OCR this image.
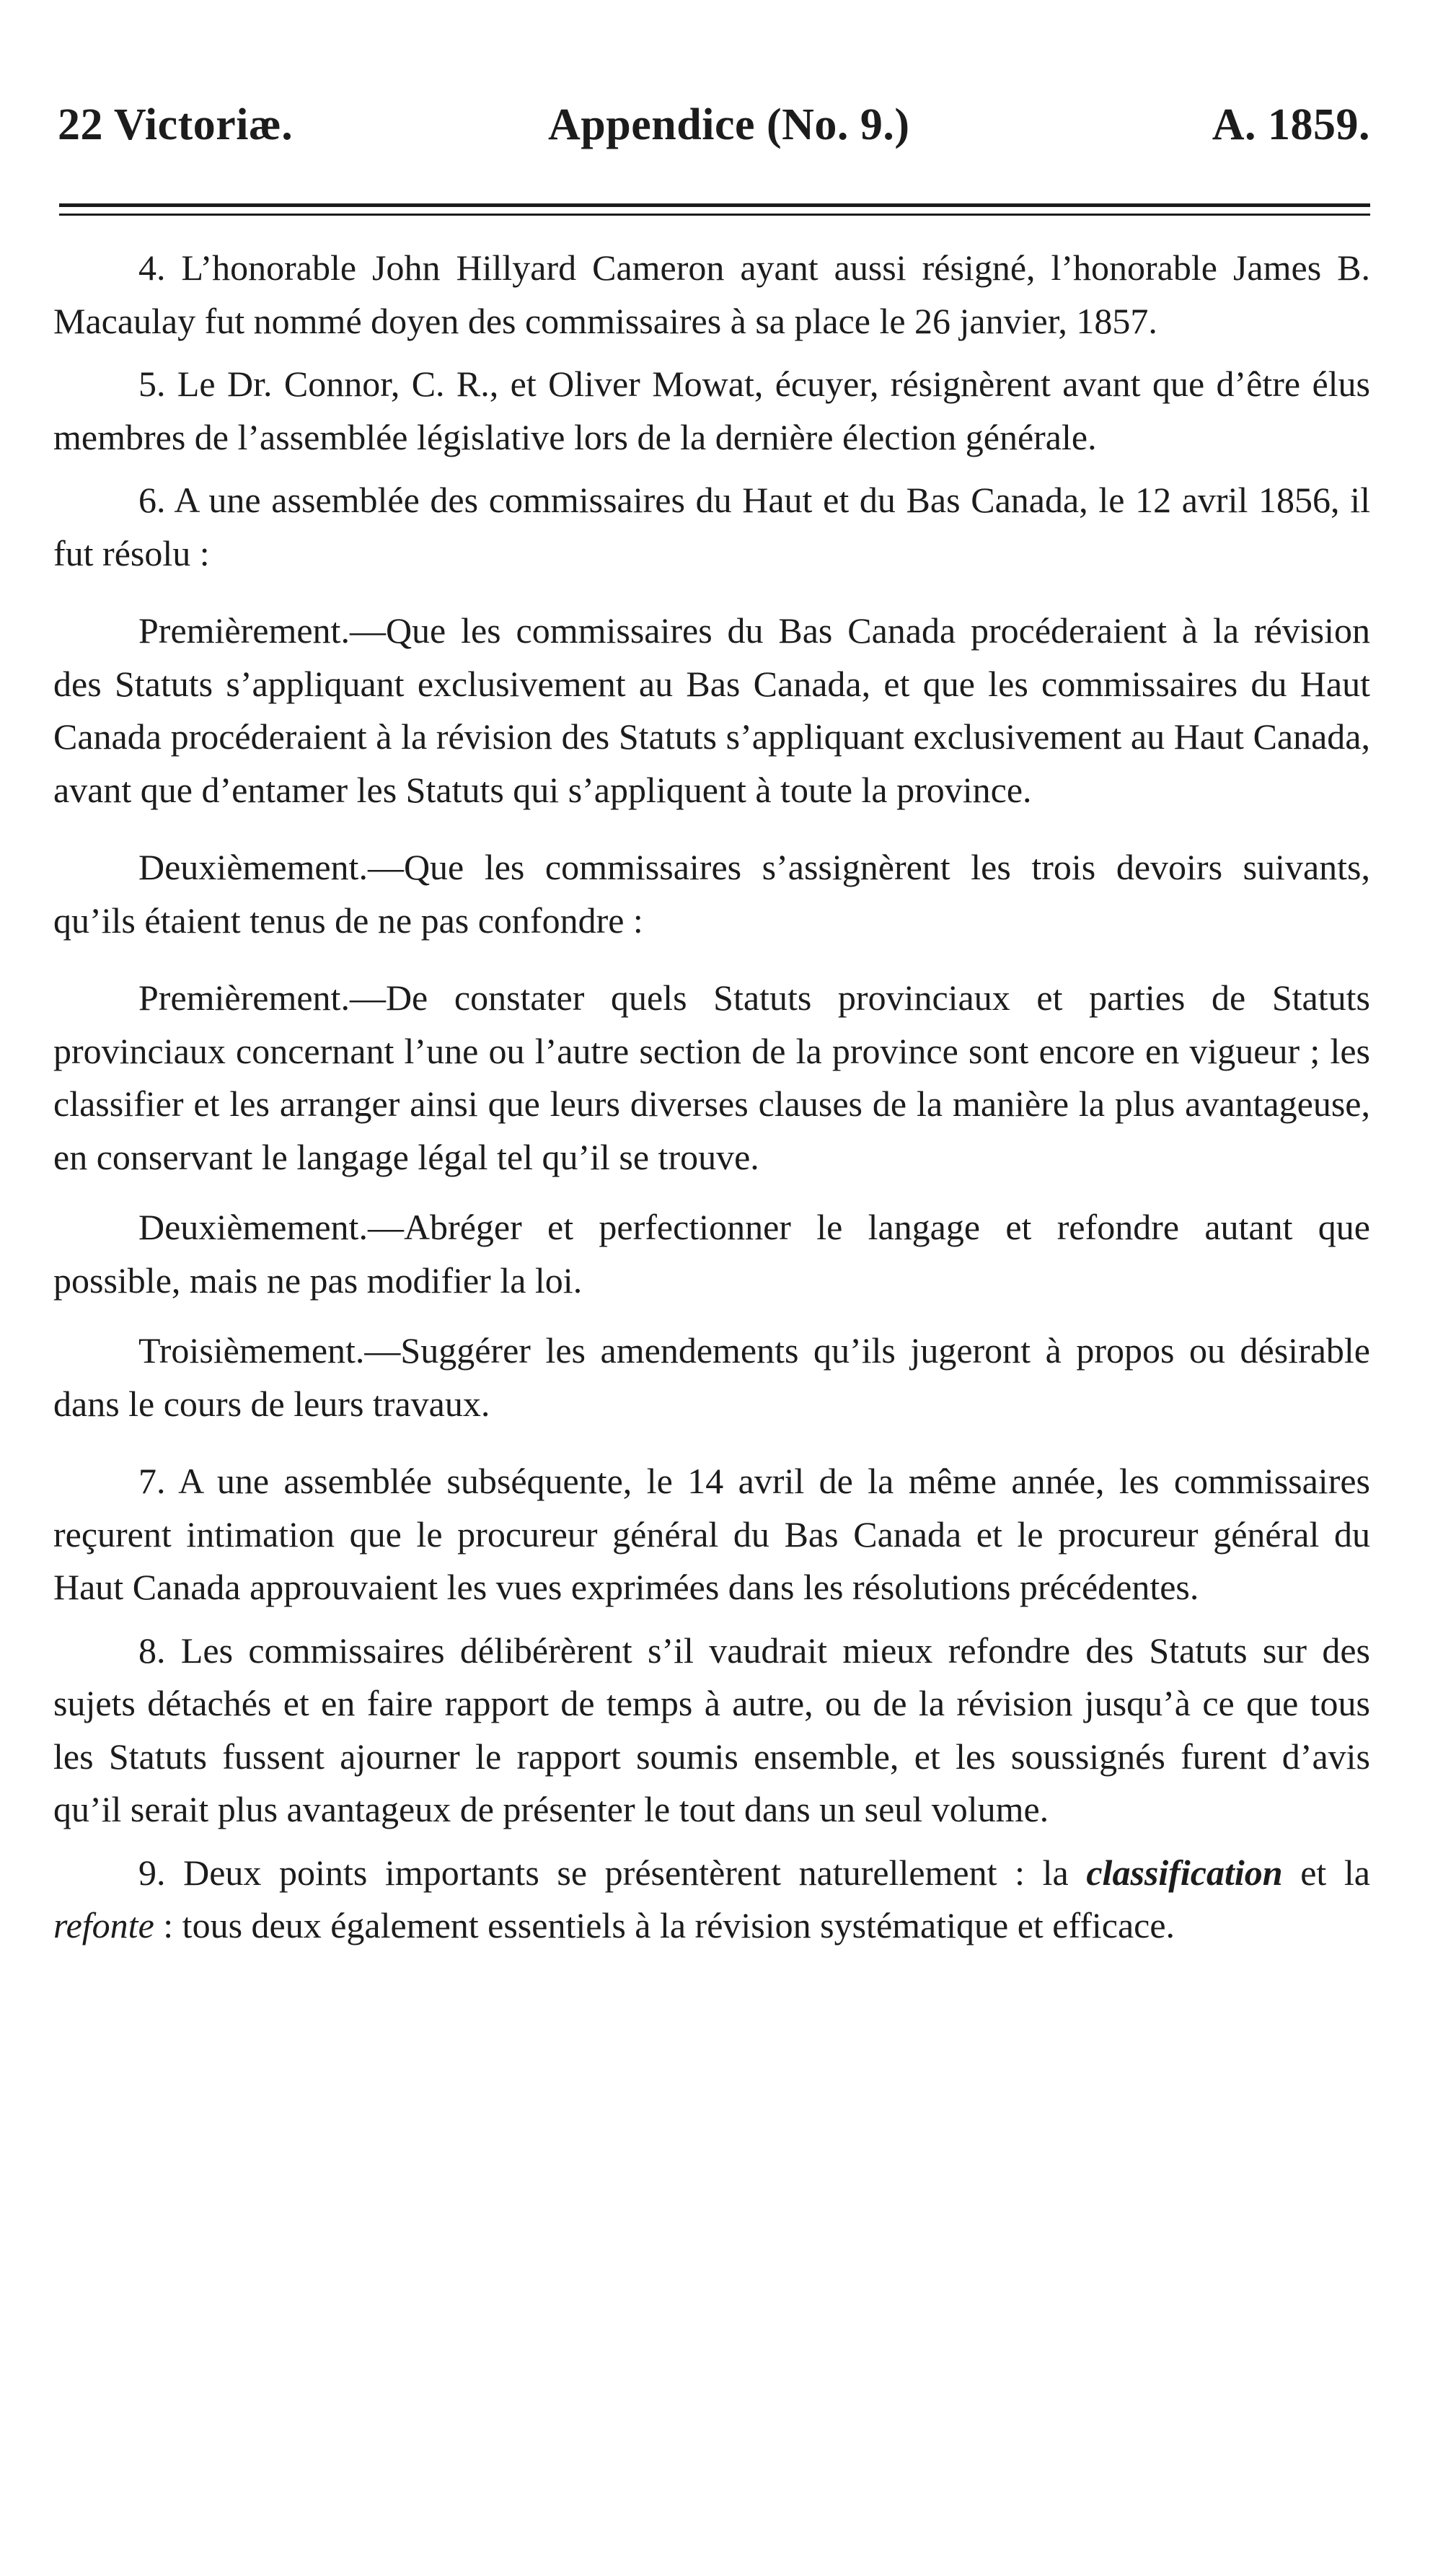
22 Victoriæ.	Appendice (No. 9.)	A. 1859.

4. L’honorable John Hillyard Cameron ayant aussi résigné, l’honorable James B. Macaulay fut nommé doyen des commissaires à sa place le 26 janvier, 1857.

5. Le Dr. Connor, C. R., et Oliver Mowat, écuyer, résignèrent avant que d’être élus membres de l’assemblée législative lors de la dernière élection générale.

6. A une assemblée des commissaires du Haut et du Bas Canada, le 12 avril 1856, il fut résolu :

Premièrement.—Que les commissaires du Bas Canada procéderaient à la révision des Statuts s’appliquant exclusivement au Bas Canada, et que les commissaires du Haut Canada procéderaient à la révision des Statuts s’appliquant exclusivement au Haut Canada, avant que d’entamer les Statuts qui s’appliquent à toute la province.

Deuxièmement.—Que les commissaires s’assignèrent les trois devoirs suivants, qu’ils étaient tenus de ne pas confondre :

Premièrement.—De constater quels Statuts provinciaux et parties de Statuts provinciaux concernant l’une ou l’autre section de la province sont encore en vigueur ; les classifier et les arranger ainsi que leurs diverses clauses de la manière la plus avantageuse, en conservant le langage légal tel qu’il se trouve.

Deuxièmement.—Abréger et perfectionner le langage et refondre autant que possible, mais ne pas modifier la loi.

Troisièmement.—Suggérer les amendements qu’ils jugeront à propos ou désirable dans le cours de leurs travaux.

7. A une assemblée subséquente, le 14 avril de la même année, les commissaires reçurent intimation que le procureur général du Bas Canada et le procureur général du Haut Canada approuvaient les vues exprimées dans les résolutions précédentes.

8. Les commissaires délibérèrent s’il vaudrait mieux refondre des Statuts sur des sujets détachés et en faire rapport de temps à autre, ou de la révision jusqu’à ce que tous les Statuts fussent ajourner le rapport soumis ensemble, et les soussignés furent d’avis qu’il serait plus avantageux de présenter le tout dans un seul volume.

9. Deux points importants se présentèrent naturellement : la classification et la refonte : tous deux également essentiels à la révision systématique et efficace.
